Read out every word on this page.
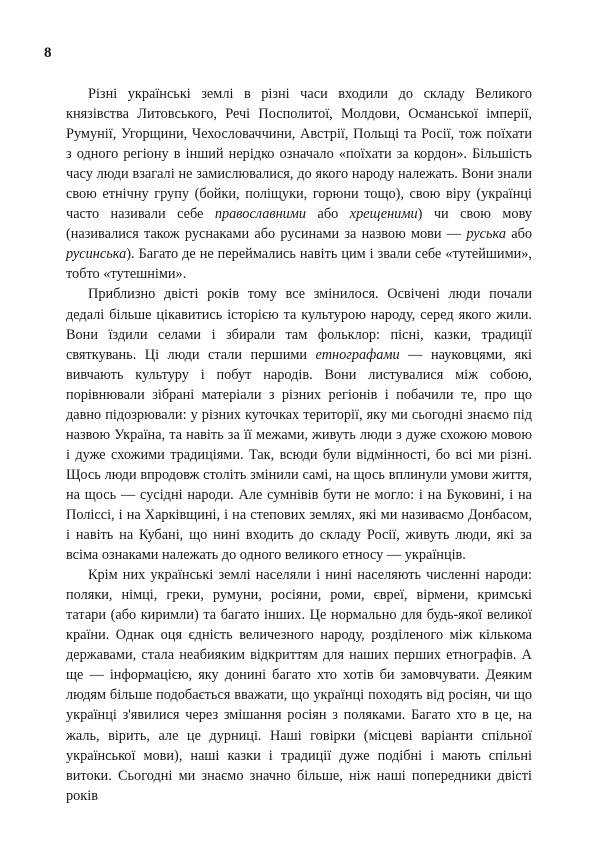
8

Різні українські землі в різні часи входили до складу Великого князівства Литовського, Речі Посполитої, Молдови, Османської імперії, Румунії, Угорщини, Чехословаччини, Австрії, Польщі та Росії, тож поїхати з одного регіону в інший нерідко означало «поїхати за кордон». Більшість часу люди взагалі не замислювалися, до якого народу належать. Вони знали свою етнічну групу (бойки, поліщуки, горюни тощо), свою віру (українці часто називали себе православними або хрещеними) чи свою мову (називалися також руснаками або русинами за назвою мови — руська або русинська). Багато де не переймались навіть цим і звали себе «тутейшими», тобто «тутешніми».

Приблизно двісті років тому все змінилося. Освічені люди почали дедалі більше цікавитись історією та культурою народу, серед якого жили. Вони їздили селами і збирали там фольклор: пісні, казки, традиції святкувань. Ці люди стали першими етнографами — науковцями, які вивчають культуру і побут народів. Вони листувалися між собою, порівнювали зібрані матеріали з різних регіонів і побачили те, про що давно підозрювали: у різних куточках території, яку ми сьогодні знаємо під назвою Україна, та навіть за її межами, живуть люди з дуже схожою мовою і дуже схожими традиціями. Так, всюди були відмінності, бо всі ми різні. Щось люди впродовж століть змінили самі, на щось вплинули умови життя, на щось — сусідні народи. Але сумнівів бути не могло: і на Буковині, і на Поліссі, і на Харківщині, і на степових землях, які ми називаємо Донбасом, і навіть на Кубані, що нині входить до складу Росії, живуть люди, які за всіма ознаками належать до одного великого етносу — українців.

Крім них українські землі населяли і нині населяють численні народи: поляки, німці, греки, румуни, росіяни, роми, євреї, вірмени, кримські татари (або киримли) та багато інших. Це нормально для будь-якої великої країни. Однак оця єдність величезного народу, розділеного між кількома державами, стала неабияким відкриттям для наших перших етнографів. А ще — інформацією, яку донині багато хто хотів би замовчувати. Деяким людям більше подобається вважати, що українці походять від росіян, чи що українці з'явилися через змішання росіян з поляками. Багато хто в це, на жаль, вірить, але це дурниці. Наші говірки (місцеві варіанти спільної української мови), наші казки і традиції дуже подібні і мають спільні витоки. Сьогодні ми знаємо значно більше, ніж наші попередники двісті років
